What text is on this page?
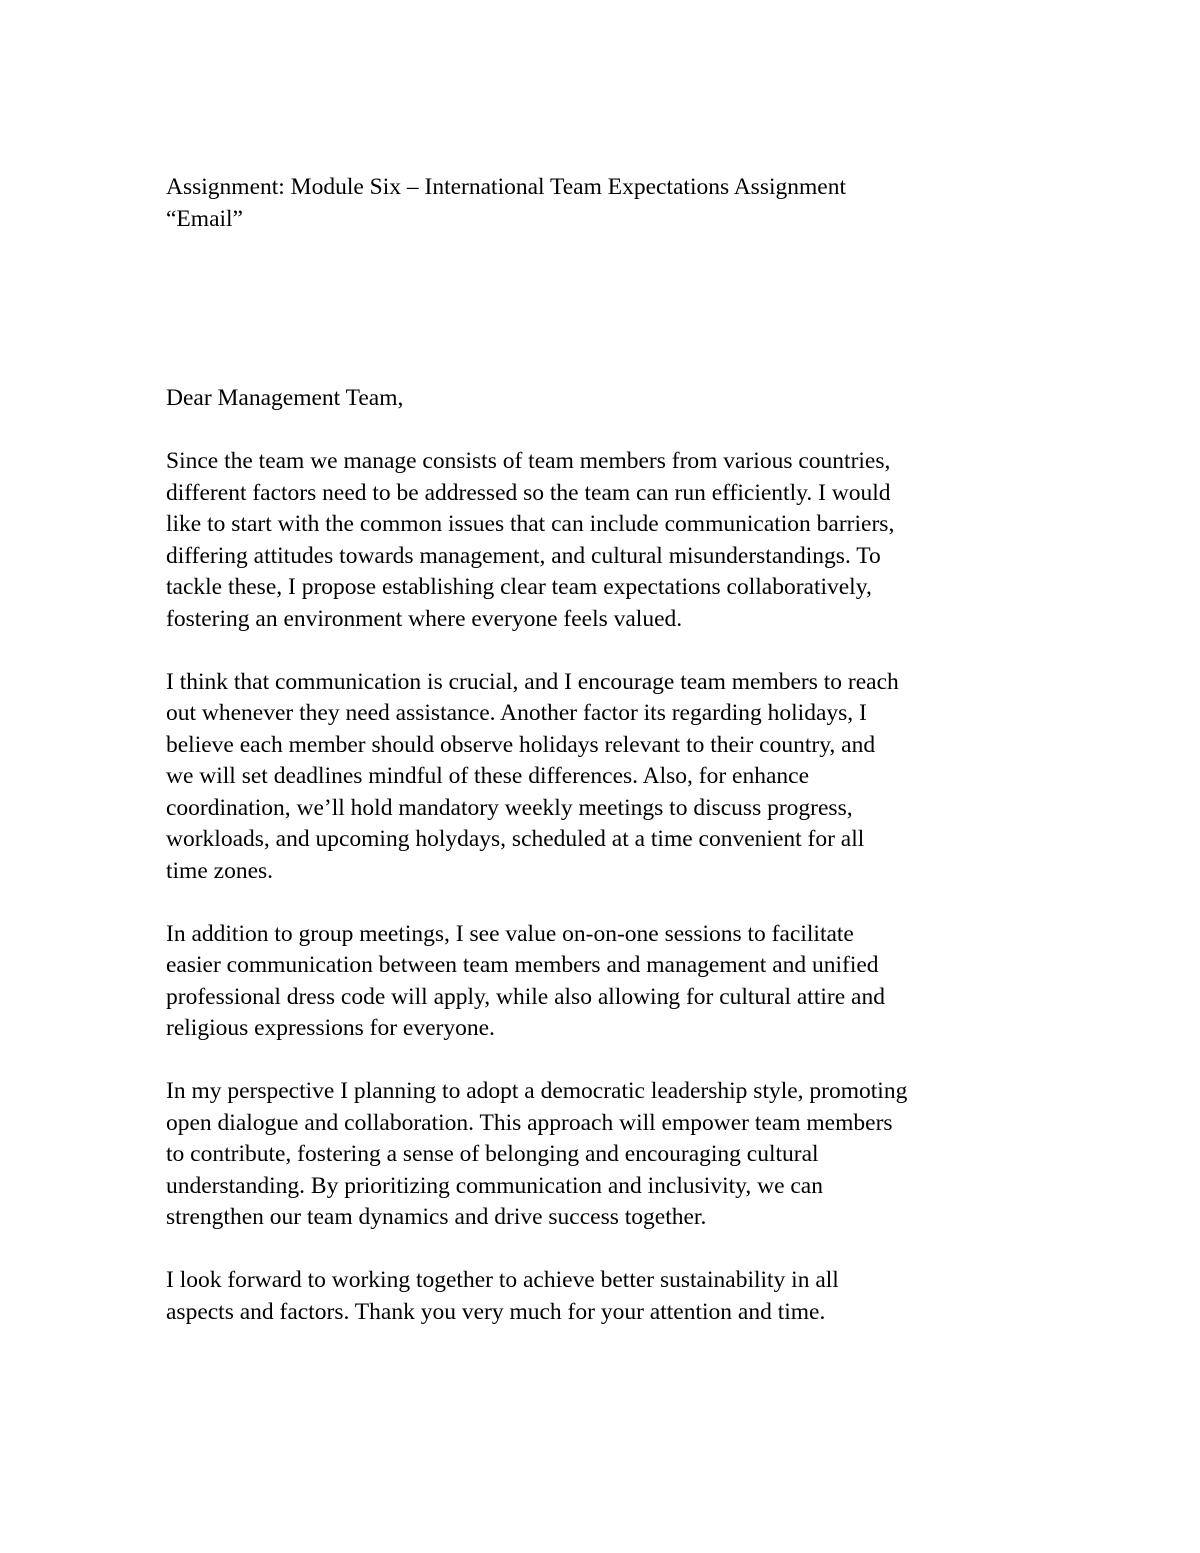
Assignment: Module Six – International Team Expectations Assignment
“Email”

Dear Management Team,

Since the team we manage consists of team members from various countries,
different factors need to be addressed so the team can run efficiently. I would
like to start with the common issues that can include communication barriers,
differing attitudes towards management, and cultural misunderstandings. To
tackle these, I propose establishing clear team expectations collaboratively,
fostering an environment where everyone feels valued.

I think that communication is crucial, and I encourage team members to reach
out whenever they need assistance. Another factor its regarding holidays, I
believe each member should observe holidays relevant to their country, and
we will set deadlines mindful of these differences. Also, for enhance
coordination, we’ll hold mandatory weekly meetings to discuss progress,
workloads, and upcoming holydays, scheduled at a time convenient for all
time zones.

In addition to group meetings, I see value on-on-one sessions to facilitate
easier communication between team members and management and unified
professional dress code will apply, while also allowing for cultural attire and
religious expressions for everyone.

In my perspective I planning to adopt a democratic leadership style, promoting
open dialogue and collaboration. This approach will empower team members
to contribute, fostering a sense of belonging and encouraging cultural
understanding. By prioritizing communication and inclusivity, we can
strengthen our team dynamics and drive success together.

I look forward to working together to achieve better sustainability in all
aspects and factors. Thank you very much for your attention and time.
